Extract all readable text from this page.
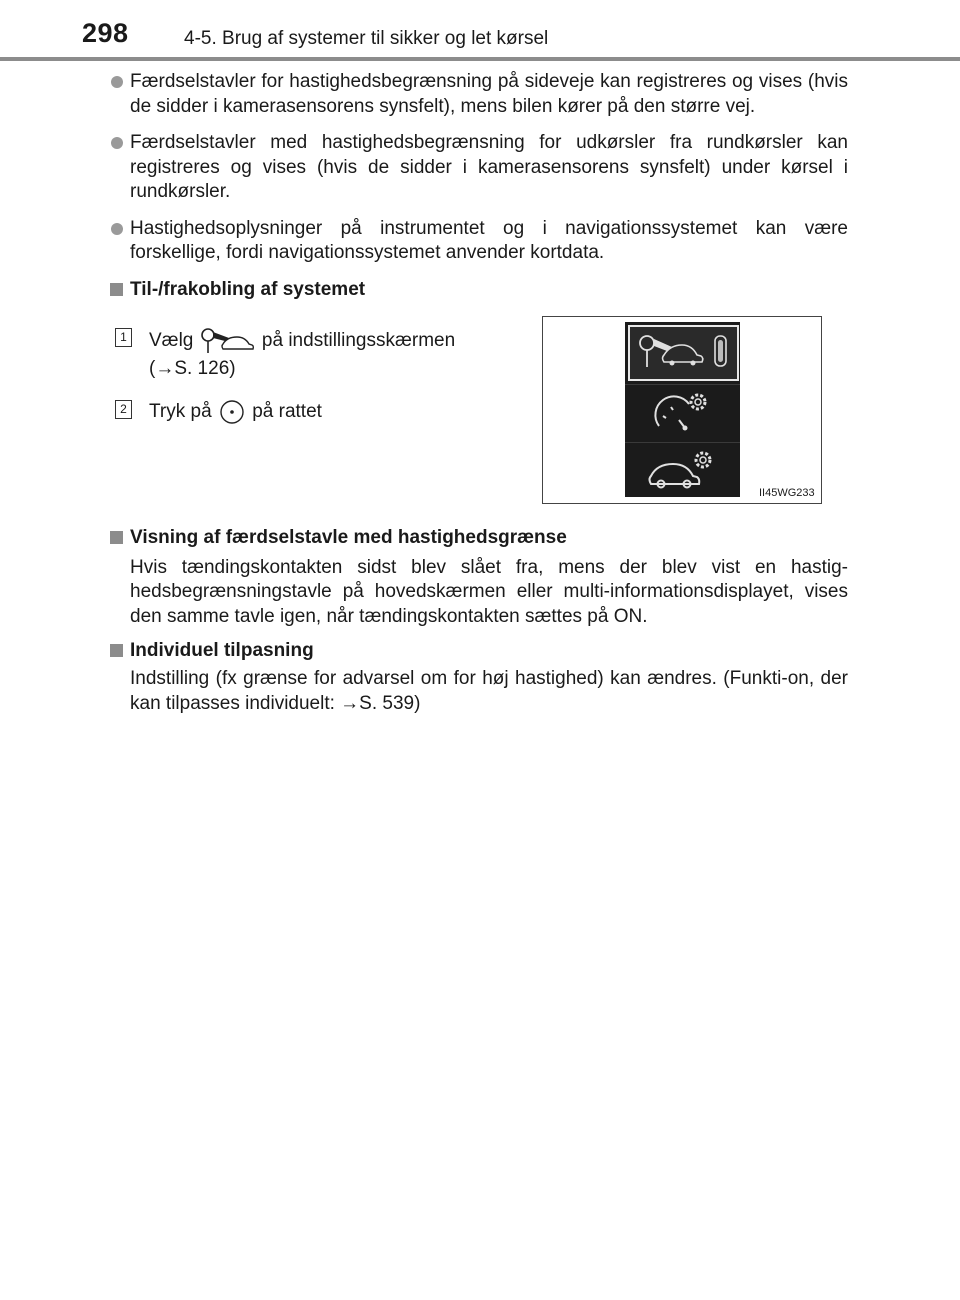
298	4-5. Brug af systemer til sikker og let kørsel
Færdselstavler for hastighedsbegrænsning på sideveje kan registreres og vises (hvis de sidder i kamerasensorens synsfelt), mens bilen kører på den større vej.
Færdselstavler med hastighedsbegrænsning for udkørsler fra rundkørsler kan registreres og vises (hvis de sidder i kamerasensorens synsfelt) under kørsel i rundkørsler.
Hastighedsoplysninger på instrumentet og i navigationssystemet kan være forskellige, fordi navigationssystemet anvender kortdata.
Til-/frakobling af systemet
1 Vælg	på indstillingsskærmen
(→S. 126)
2 Tryk på på rattet
II45WG233
Visning af færdselstavle med hastighedsgrænse
Hvis tændingskontakten sidst blev slået fra, mens der blev vist en hastig-hedsbegrænsningstavle på hovedskærmen eller multi-informationsdisplayet, vises den samme tavle igen, når tændingskontakten sættes på ON.
Individuel tilpasning
Indstilling (fx grænse for advarsel om for høj hastighed) kan ændres. (Funkti-on, der kan tilpasses individuelt: →S. 539)
